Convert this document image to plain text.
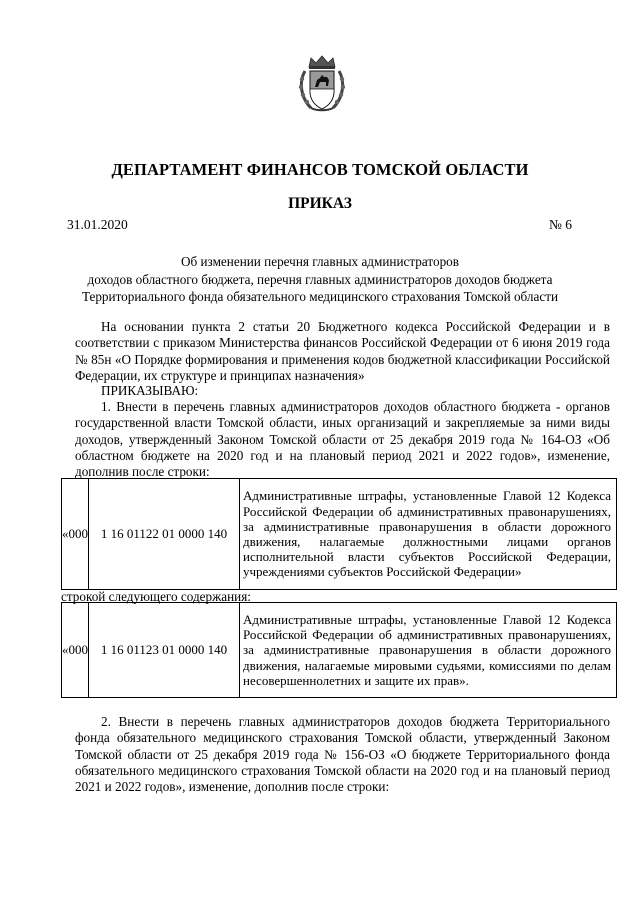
ДЕПАРТАМЕНТ ФИНАНСОВ ТОМСКОЙ ОБЛАСТИ
ПРИКАЗ
31.01.2020	№ 6
Об изменении перечня главных администраторов
доходов областного бюджета, перечня главных администраторов доходов бюджета
Территориального фонда обязательного медицинского страхования Томской области

На основании пункта 2 статьи 20 Бюджетного кодекса Российской Федерации и в соответствии с приказом Министерства финансов Российской Федерации от 6 июня 2019 года № 85н «О Порядке формирования и применения кодов бюджетной классификации Российской Федерации, их структуре и принципах назначения»

ПРИКАЗЫВАЮ:

1. Внести в перечень главных администраторов доходов областного бюджета - органов государственной власти Томской области, иных организаций и закрепляемые за ними виды доходов, утвержденный Законом Томской области от 25 декабря 2019 года № 164-ОЗ «Об областном бюджете на 2020 год и на плановый период 2021 и 2022 годов», изменение, дополнив после строки:

«000	1 16 01122 01 0000 140	Административные штрафы, установленные Главой 12 Кодекса Российской Федерации об административных правонарушениях, за административные правонарушения в области дорожного движения, налагаемые должностными лицами органов исполнительной власти субъектов Российской Федерации, учреждениями субъектов Российской Федерации»
строкой следующего содержания:
«000	1 16 01123 01 0000 140	Административные штрафы, установленные Главой 12 Кодекса Российской Федерации об административных правонарушениях, за административные правонарушения в области дорожного движения, налагаемые мировыми судьями, комиссиями по делам несовершеннолетних и защите их прав».

2. Внести в перечень главных администраторов доходов бюджета Территориального фонда обязательного медицинского страхования Томской области, утвержденный Законом Томской области от 25 декабря 2019 года № 156-ОЗ «О бюджете Территориального фонда обязательного медицинского страхования Томской области на 2020 год и на плановый период 2021 и 2022 годов», изменение, дополнив после строки:
